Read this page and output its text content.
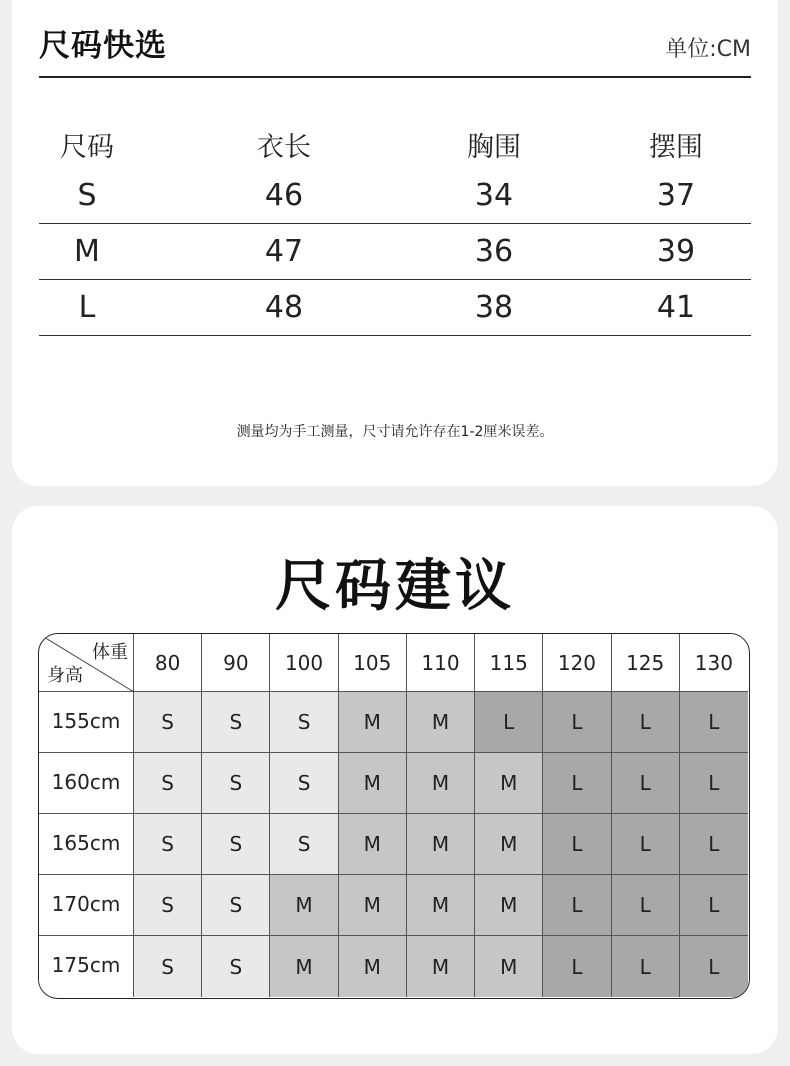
尺码快选	单位:CM
尺码	衣长	胸围	摆围
S	46	34	37
M	47	36	39
L	48	38	41
测量均为手工测量，尺寸请允许存在1-2厘米误差。
尺码建议
体重
身高
80	90	100	105	110	115	120	125	130
155cm	S	S	S	M	M	L	L	L	L
160cm	S	S	S	M	M	M	L	L	L
165cm	S	S	S	M	M	M	L	L	L
170cm	S	S	M	M	M	M	L	L	L
175cm	S	S	M	M	M	M	L	L	L
